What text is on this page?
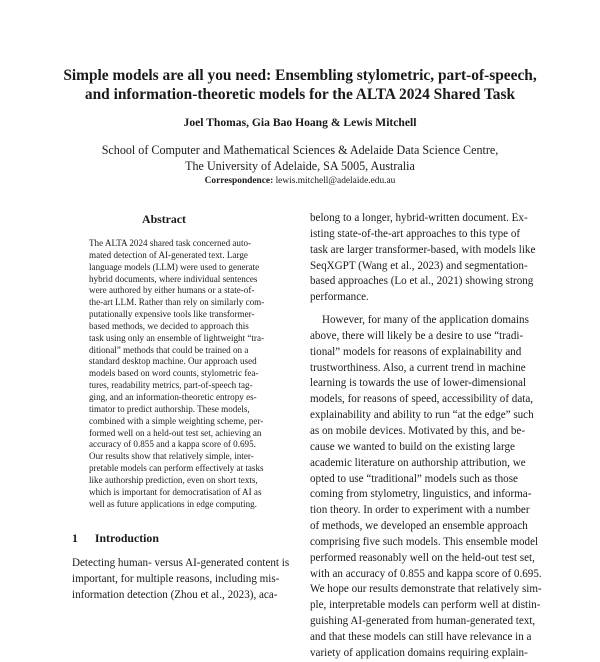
Simple models are all you need: Ensembling stylometric, part-of-speech,
and information-theoretic models for the ALTA 2024 Shared Task
Joel Thomas, Gia Bao Hoang & Lewis Mitchell
School of Computer and Mathematical Sciences & Adelaide Data Science Centre,
The University of Adelaide, SA 5005, Australia
Correspondence: lewis.mitchell@adelaide.edu.au
Abstract
The ALTA 2024 shared task concerned auto-
mated detection of AI-generated text. Large
language models (LLM) were used to generate
hybrid documents, where individual sentences
were authored by either humans or a state-of-
the-art LLM. Rather than rely on similarly com-
putationally expensive tools like transformer-
based methods, we decided to approach this
task using only an ensemble of lightweight “tra-
ditional” methods that could be trained on a
standard desktop machine. Our approach used
models based on word counts, stylometric fea-
tures, readability metrics, part-of-speech tag-
ging, and an information-theoretic entropy es-
timator to predict authorship. These models,
combined with a simple weighting scheme, per-
formed well on a held-out test set, achieving an
accuracy of 0.855 and a kappa score of 0.695.
Our results show that relatively simple, inter-
pretable models can perform effectively at tasks
like authorship prediction, even on short texts,
which is important for democratisation of AI as
well as future applications in edge computing.
1 Introduction
Detecting human- versus AI-generated content is
important, for multiple reasons, including mis-
information detection (Zhou et al., 2023), aca-
belong to a longer, hybrid-written document. Ex-
isting state-of-the-art approaches to this type of
task are larger transformer-based, with models like
SeqXGPT (Wang et al., 2023) and segmentation-
based approaches (Lo et al., 2021) showing strong
performance.
However, for many of the application domains
above, there will likely be a desire to use “tradi-
tional” models for reasons of explainability and
trustworthiness. Also, a current trend in machine
learning is towards the use of lower-dimensional
models, for reasons of speed, accessibility of data,
explainability and ability to run “at the edge” such
as on mobile devices. Motivated by this, and be-
cause we wanted to build on the existing large
academic literature on authorship attribution, we
opted to use “traditional” models such as those
coming from stylometry, linguistics, and informa-
tion theory. In order to experiment with a number
of methods, we developed an ensemble approach
comprising five such models. This ensemble model
performed reasonably well on the held-out test set,
with an accuracy of 0.855 and kappa score of 0.695.
We hope our results demonstrate that relatively sim-
ple, interpretable models can perform well at distin-
guishing AI-generated from human-generated text,
and that these models can still have relevance in a
variety of application domains requiring explain-
